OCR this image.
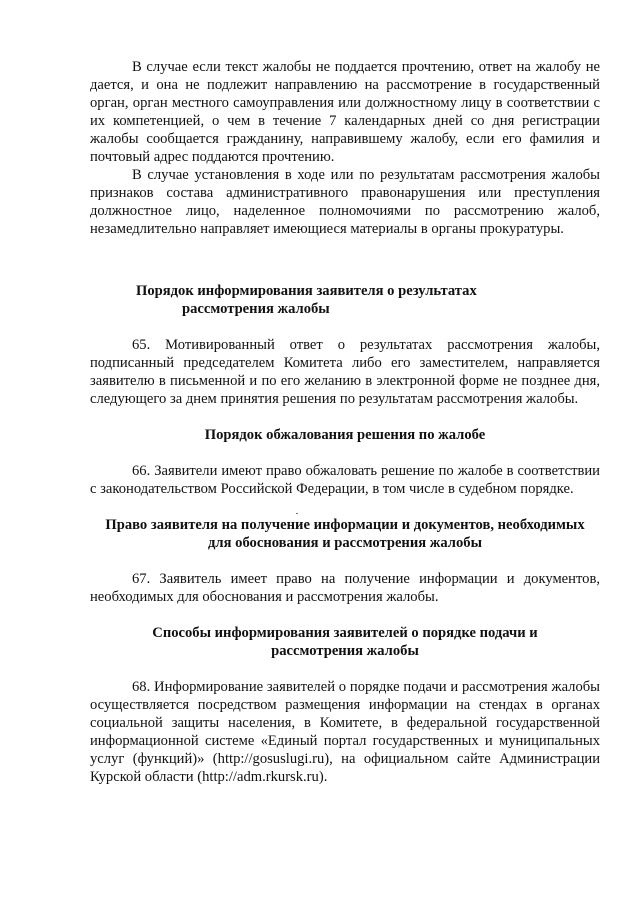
В случае если текст жалобы не поддается прочтению, ответ на жалобу не дается, и она не подлежит направлению на рассмотрение в государственный орган, орган местного самоуправления или должностному лицу в соответствии с их компетенцией, о чем в течение 7 календарных дней со дня регистрации жалобы сообщается гражданину, направившему жалобу, если его фамилия и почтовый адрес поддаются прочтению.

В случае установления в ходе или по результатам рассмотрения жалобы признаков состава административного правонарушения или преступления должностное лицо, наделенное полномочиями по рассмотрению жалоб, незамедлительно направляет имеющиеся материалы в органы прокуратуры.

Порядок информирования заявителя о результатах
рассмотрения жалобы

65. Мотивированный ответ о результатах рассмотрения жалобы, подписанный председателем Комитета либо его заместителем, направляется заявителю в письменной и по его желанию в электронной форме не позднее дня, следующего за днем принятия решения по результатам рассмотрения жалобы.

Порядок обжалования решения по жалобе

66. Заявители имеют право обжаловать решение по жалобе в соответствии с законодательством Российской Федерации, в том числе в судебном порядке.

Право заявителя на получение информации и документов, необходимых
для обоснования и рассмотрения жалобы

67. Заявитель имеет право на получение информации и документов, необходимых для обоснования и рассмотрения жалобы.

Способы информирования заявителей о порядке подачи и
рассмотрения жалобы

68. Информирование заявителей о порядке подачи и рассмотрения жалобы осуществляется посредством размещения информации на стендах в органах социальной защиты населения, в Комитете, в федеральной государственной информационной системе «Единый портал государственных и муниципальных услуг (функций)» (http://gosuslugi.ru), на официальном сайте Администрации Курской области (http://adm.rkursk.ru).
